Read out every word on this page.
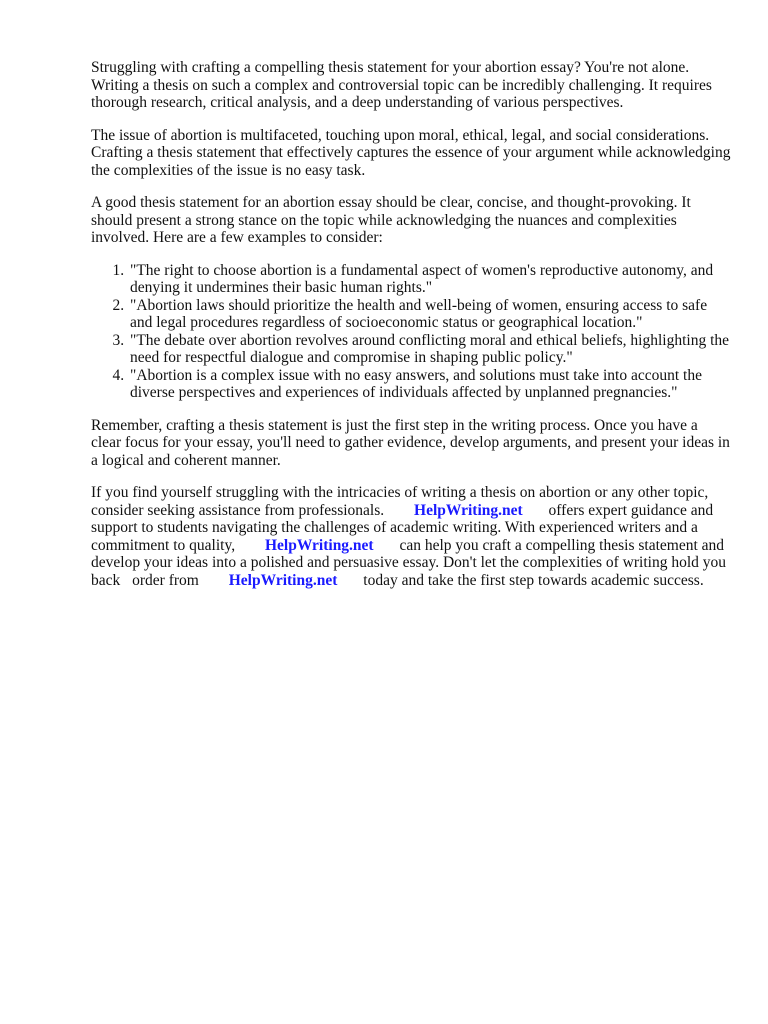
Struggling with crafting a compelling thesis statement for your abortion essay? You're not alone. Writing a thesis on such a complex and controversial topic can be incredibly challenging. It requires thorough research, critical analysis, and a deep understanding of various perspectives.

The issue of abortion is multifaceted, touching upon moral, ethical, legal, and social considerations. Crafting a thesis statement that effectively captures the essence of your argument while acknowledging the complexities of the issue is no easy task.

A good thesis statement for an abortion essay should be clear, concise, and thought-provoking. It should present a strong stance on the topic while acknowledging the nuances and complexities involved. Here are a few examples to consider:

1. "The right to choose abortion is a fundamental aspect of women's reproductive autonomy, and denying it undermines their basic human rights."
2. "Abortion laws should prioritize the health and well-being of women, ensuring access to safe and legal procedures regardless of socioeconomic status or geographical location."
3. "The debate over abortion revolves around conflicting moral and ethical beliefs, highlighting the need for respectful dialogue and compromise in shaping public policy."
4. "Abortion is a complex issue with no easy answers, and solutions must take into account the diverse perspectives and experiences of individuals affected by unplanned pregnancies."

Remember, crafting a thesis statement is just the first step in the writing process. Once you have a clear focus for your essay, you'll need to gather evidence, develop arguments, and present your ideas in a logical and coherent manner.

If you find yourself struggling with the intricacies of writing a thesis on abortion or any other topic, consider seeking assistance from professionals. HelpWriting.net offers expert guidance and support to students navigating the challenges of academic writing. With experienced writers and a commitment to quality, HelpWriting.net can help you craft a compelling thesis statement and develop your ideas into a polished and persuasive essay. Don't let the complexities of writing hold you back order from HelpWriting.net today and take the first step towards academic success.
